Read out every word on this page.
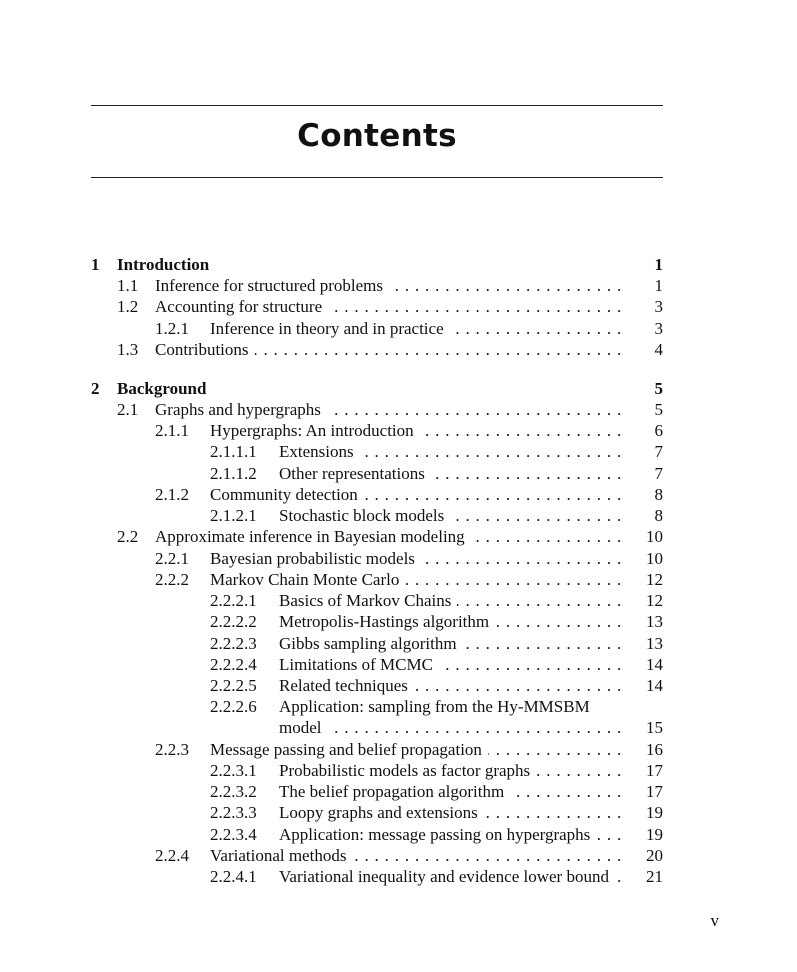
Contents
1 Introduction	1
1.1 . . . Inference for structured problems	1
1.2 . . . Accounting for structure	3
1.2.1 . . . Inference in theory and in practice	3
1.3 . . . Contributions	4
2 Background	5
2.1 . . . Graphs and hypergraphs	5
2.1.1 . . . Hypergraphs: An introduction	6
2.1.1.1 . . . Extensions	7
2.1.1.2 . . . Other representations	7
2.1.2 . . . Community detection	8
2.1.2.1 . . . Stochastic block models	8
2.2 . . . Approximate inference in Bayesian modeling	10
2.2.1 . . . Bayesian probabilistic models	10
2.2.2 . . . Markov Chain Monte Carlo	12
2.2.2.1 . . . Basics of Markov Chains	12
2.2.2.2 . . . Metropolis-Hastings algorithm	13
2.2.2.3 . . . Gibbs sampling algorithm	13
2.2.2.4 . . . Limitations of MCMC	14
2.2.2.5 . . . Related techniques	14
2.2.2.6 Application: sampling from the Hy-MMSBM
. . .
model	15
2.2.3 . . . Message passing and belief propagation	16
2.2.3.1 . . . Probabilistic models as factor graphs	17
2.2.3.2 . . . The belief propagation algorithm	17
2.2.3.3 . . . Loopy graphs and extensions	19
2.2.3.4 . . . Application: message passing on hypergraphs	19
2.2.4 . . . Variational methods	20
2.2.4.1 . . . Variational inequality and evidence lower bound	21
v
